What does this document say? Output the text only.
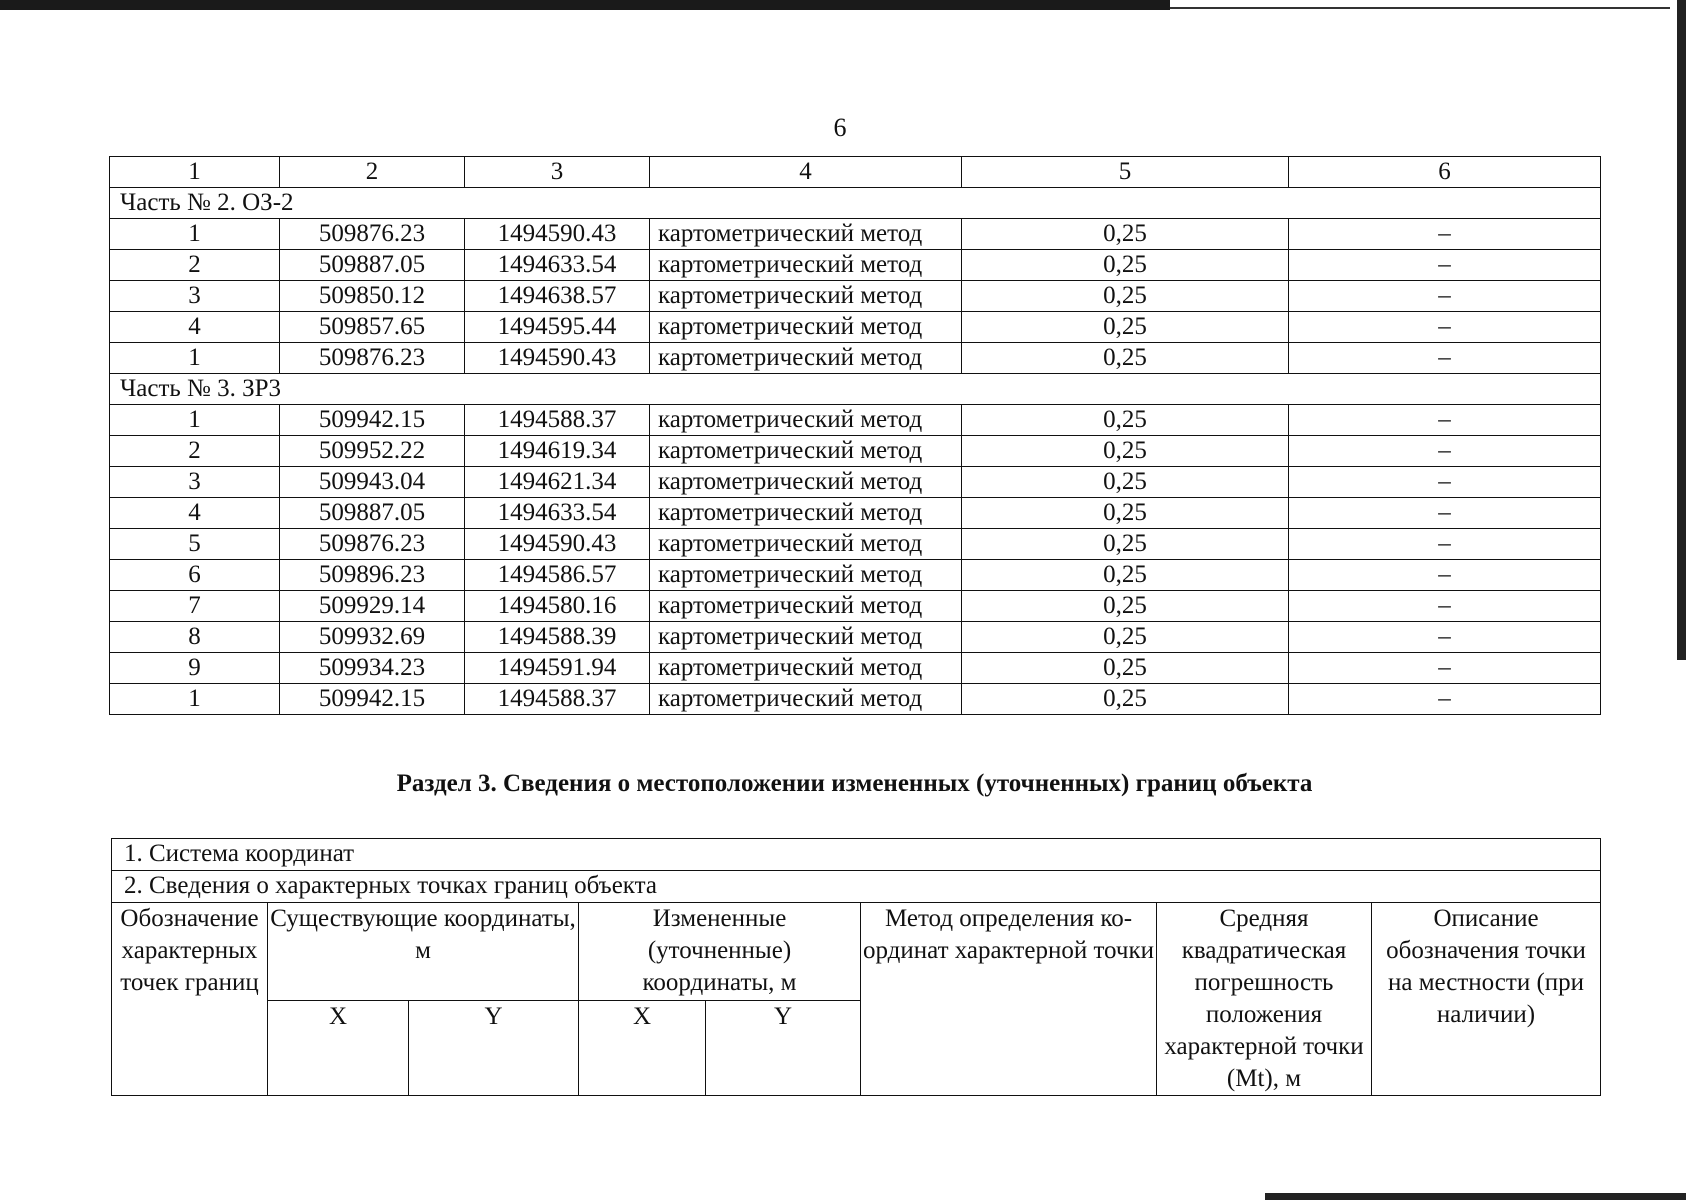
6
1	2	3	4	5	6
Часть № 2. ОЗ-2					
1	509876.23	1494590.43	картометрический метод	0,25	–
2	509887.05	1494633.54	картометрический метод	0,25	–
3	509850.12	1494638.57	картометрический метод	0,25	–
4	509857.65	1494595.44	картометрический метод	0,25	–
1	509876.23	1494590.43	картометрический метод	0,25	–
Часть № 3. ЗР3					
1	509942.15	1494588.37	картометрический метод	0,25	–
2	509952.22	1494619.34	картометрический метод	0,25	–
3	509943.04	1494621.34	картометрический метод	0,25	–
4	509887.05	1494633.54	картометрический метод	0,25	–
5	509876.23	1494590.43	картометрический метод	0,25	–
6	509896.23	1494586.57	картометрический метод	0,25	–
7	509929.14	1494580.16	картометрический метод	0,25	–
8	509932.69	1494588.39	картометрический метод	0,25	–
9	509934.23	1494591.94	картометрический метод	0,25	–
1	509942.15	1494588.37	картометрический метод	0,25	–
Раздел 3. Сведения о местоположении измененных (уточненных) границ объекта
1. Система координат							
2. Сведения о характерных точках границ объекта							
Обозначение характерных точек границ	Существующие координаты, м		Измененные (уточненные) координаты, м		Метод определения ко-ординат характерной точки	Средняя квадратическая погрешность положения характерной точки (Mt), м	Описание обозначения точки на местности (при наличии)
	X	Y	X	Y			
